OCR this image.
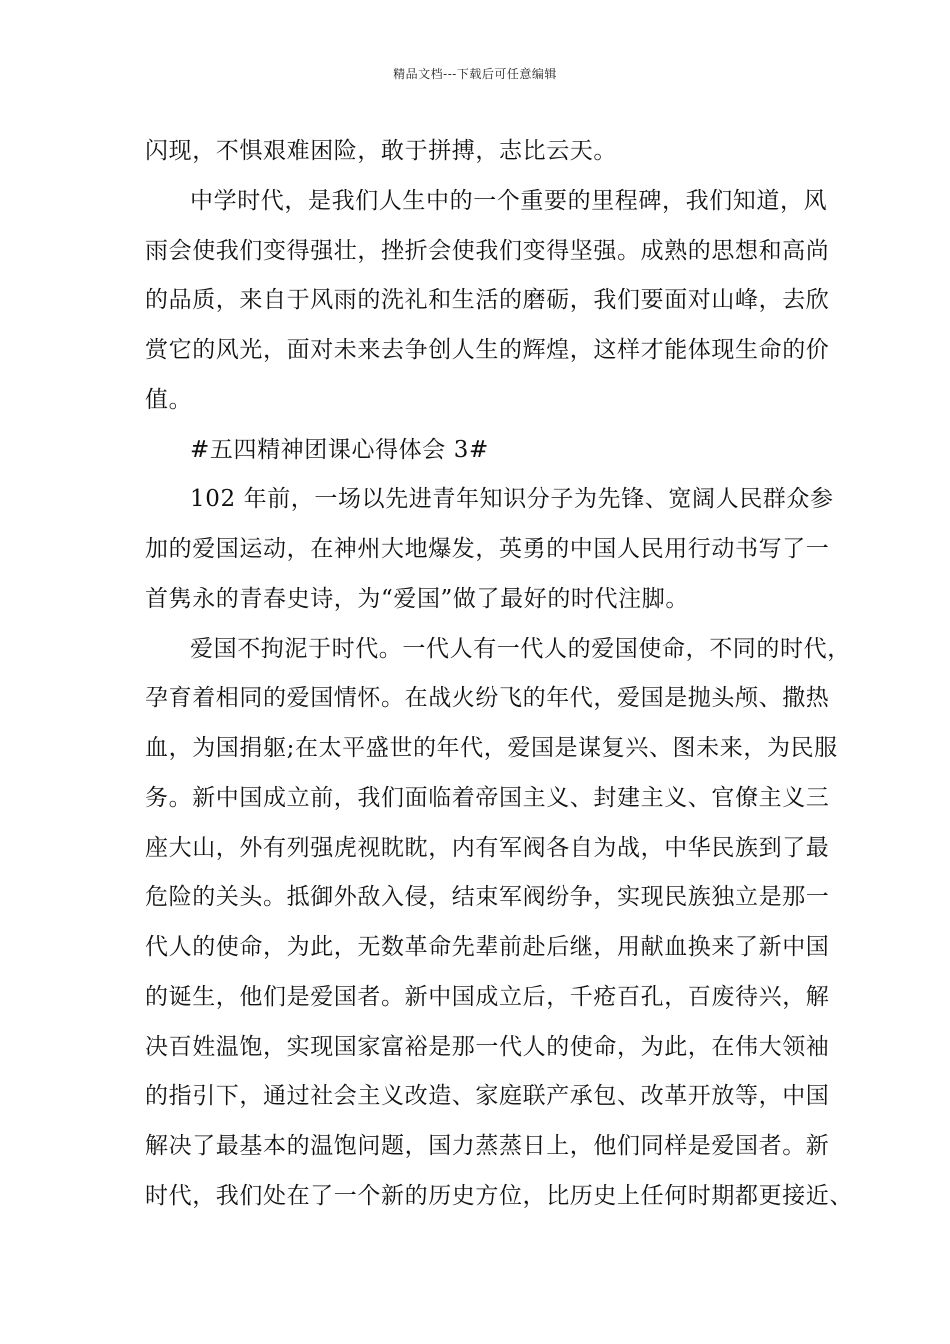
精品文档---下载后可任意编辑
闪现，不惧艰难困险，敢于拼搏，志比云天。
中学时代，是我们人生中的一个重要的里程碑，我们知道，风
雨会使我们变得强壮，挫折会使我们变得坚强。成熟的思想和高尚
的品质，来自于风雨的洗礼和生活的磨砺，我们要面对山峰，去欣
赏它的风光，面对未来去争创人生的辉煌，这样才能体现生命的价
值。
#五四精神团课心得体会 3#
102 年前，一场以先进青年知识分子为先锋、宽阔人民群众参
加的爱国运动，在神州大地爆发，英勇的中国人民用行动书写了一
首隽永的青春史诗，为“爱国”做了最好的时代注脚。
爱国不拘泥于时代。一代人有一代人的爱国使命，不同的时代，
孕育着相同的爱国情怀。在战火纷飞的年代，爱国是抛头颅、撒热
血，为国捐躯;在太平盛世的年代，爱国是谋复兴、图未来，为民服
务。新中国成立前，我们面临着帝国主义、封建主义、官僚主义三
座大山，外有列强虎视眈眈，内有军阀各自为战，中华民族到了最
危险的关头。抵御外敌入侵，结束军阀纷争，实现民族独立是那一
代人的使命，为此，无数革命先辈前赴后继，用献血换来了新中国
的诞生，他们是爱国者。新中国成立后，千疮百孔，百废待兴，解
决百姓温饱，实现国家富裕是那一代人的使命，为此，在伟大领袖
的指引下，通过社会主义改造、家庭联产承包、改革开放等，中国
解决了最基本的温饱问题，国力蒸蒸日上，他们同样是爱国者。新
时代，我们处在了一个新的历史方位，比历史上任何时期都更接近、
